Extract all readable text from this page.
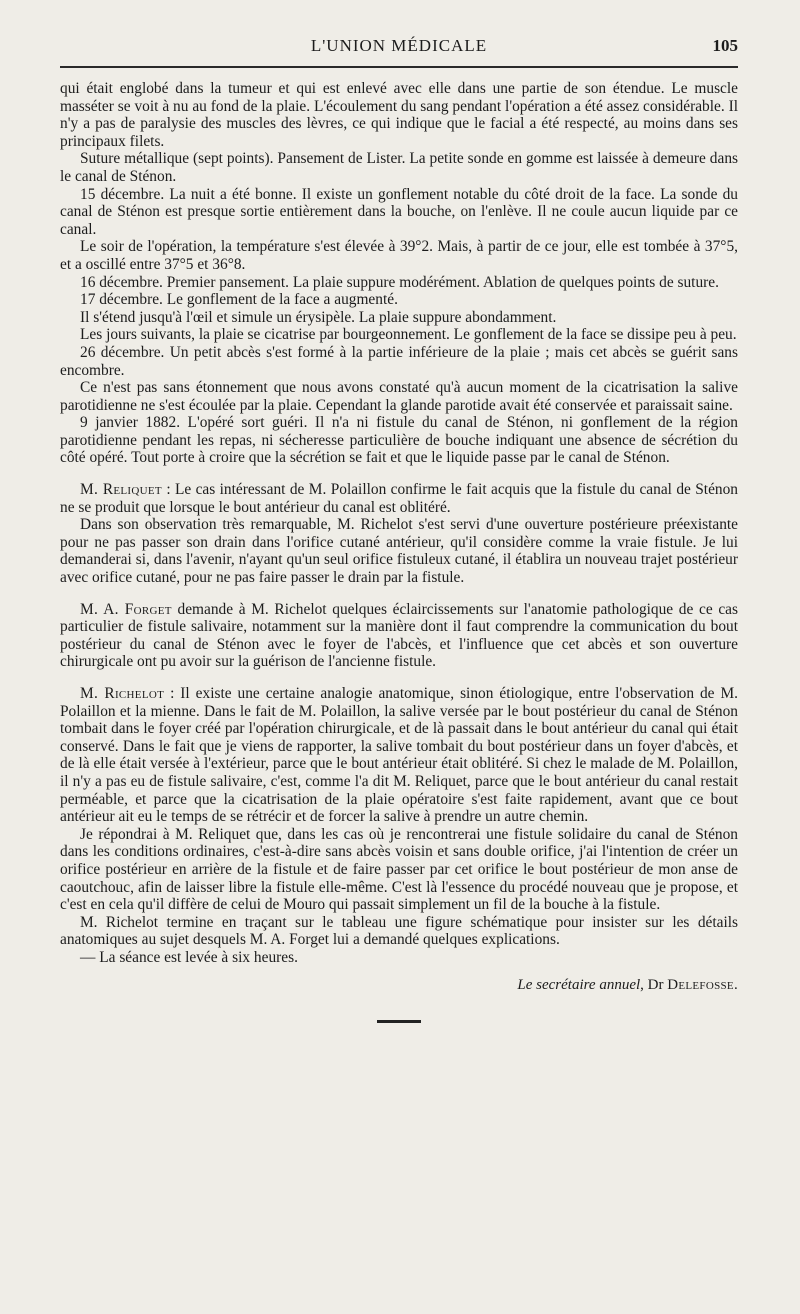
L'UNION MÉDICALE	105

qui était englobé dans la tumeur et qui est enlevé avec elle dans une partie de son étendue. Le muscle masséter se voit à nu au fond de la plaie. L'écoulement du sang pendant l'opération a été assez considérable. Il n'y a pas de paralysie des muscles des lèvres, ce qui indique que le facial a été respecté, au moins dans ses principaux filets.

Suture métallique (sept points). Pansement de Lister. La petite sonde en gomme est laissée à demeure dans le canal de Sténon.

15 décembre. La nuit a été bonne. Il existe un gonflement notable du côté droit de la face. La sonde du canal de Sténon est presque sortie entièrement dans la bouche, on l'enlève. Il ne coule aucun liquide par ce canal.

Le soir de l'opération, la température s'est élevée à 39°2. Mais, à partir de ce jour, elle est tombée à 37°5, et a oscillé entre 37°5 et 36°8.

16 décembre. Premier pansement. La plaie suppure modérément. Ablation de quelques points de suture.

17 décembre. Le gonflement de la face a augmenté.

Il s'étend jusqu'à l'œil et simule un érysipèle. La plaie suppure abondamment.

Les jours suivants, la plaie se cicatrise par bourgeonnement. Le gonflement de la face se dissipe peu à peu.

26 décembre. Un petit abcès s'est formé à la partie inférieure de la plaie ; mais cet abcès se guérit sans encombre.

Ce n'est pas sans étonnement que nous avons constaté qu'à aucun moment de la cicatrisation la salive parotidienne ne s'est écoulée par la plaie. Cependant la glande parotide avait été conservée et paraissait saine.

9 janvier 1882. L'opéré sort guéri. Il n'a ni fistule du canal de Sténon, ni gonflement de la région parotidienne pendant les repas, ni sécheresse particulière de bouche indiquant une absence de sécrétion du côté opéré. Tout porte à croire que la sécrétion se fait et que le liquide passe par le canal de Sténon.

M. Reliquet : Le cas intéressant de M. Polaillon confirme le fait acquis que la fistule du canal de Sténon ne se produit que lorsque le bout antérieur du canal est oblitéré.

Dans son observation très remarquable, M. Richelot s'est servi d'une ouverture postérieure préexistante pour ne pas passer son drain dans l'orifice cutané antérieur, qu'il considère comme la vraie fistule. Je lui demanderai si, dans l'avenir, n'ayant qu'un seul orifice fistuleux cutané, il établira un nouveau trajet postérieur avec orifice cutané, pour ne pas faire passer le drain par la fistule.

M. A. Forget demande à M. Richelot quelques éclaircissements sur l'anatomie pathologique de ce cas particulier de fistule salivaire, notamment sur la manière dont il faut comprendre la communication du bout postérieur du canal de Sténon avec le foyer de l'abcès, et l'influence que cet abcès et son ouverture chirurgicale ont pu avoir sur la guérison de l'ancienne fistule.

M. Richelot : Il existe une certaine analogie anatomique, sinon étiologique, entre l'observation de M. Polaillon et la mienne. Dans le fait de M. Polaillon, la salive versée par le bout postérieur du canal de Sténon tombait dans le foyer créé par l'opération chirurgicale, et de là passait dans le bout antérieur du canal qui était conservé. Dans le fait que je viens de rapporter, la salive tombait du bout postérieur dans un foyer d'abcès, et de là elle était versée à l'extérieur, parce que le bout antérieur était oblitéré. Si chez le malade de M. Polaillon, il n'y a pas eu de fistule salivaire, c'est, comme l'a dit M. Reliquet, parce que le bout antérieur du canal restait perméable, et parce que la cicatrisation de la plaie opératoire s'est faite rapidement, avant que ce bout antérieur ait eu le temps de se rétrécir et de forcer la salive à prendre un autre chemin.

Je répondrai à M. Reliquet que, dans les cas où je rencontrerai une fistule solidaire du canal de Sténon dans les conditions ordinaires, c'est-à-dire sans abcès voisin et sans double orifice, j'ai l'intention de créer un orifice postérieur en arrière de la fistule et de faire passer par cet orifice le bout postérieur de mon anse de caoutchouc, afin de laisser libre la fistule elle-même. C'est là l'essence du procédé nouveau que je propose, et c'est en cela qu'il diffère de celui de Mouro qui passait simplement un fil de la bouche à la fistule.

M. Richelot termine en traçant sur le tableau une figure schématique pour insister sur les détails anatomiques au sujet desquels M. A. Forget lui a demandé quelques explications.

— La séance est levée à six heures.

Le secrétaire annuel, Dr Delefosse.
